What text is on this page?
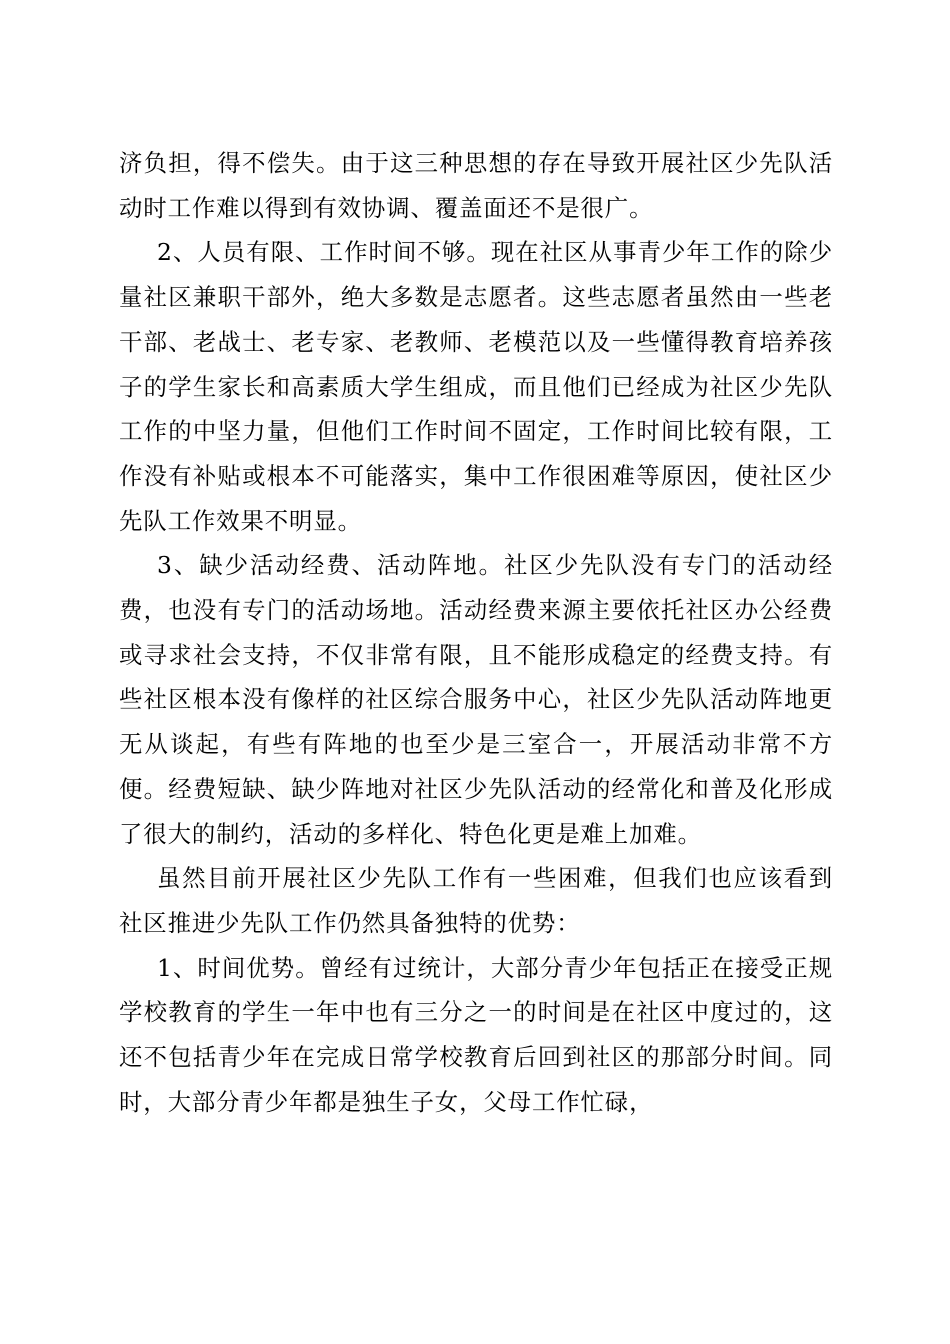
济负担，得不偿失。由于这三种思想的存在导致开展社区少先队活动时工作难以得到有效协调、覆盖面还不是很广。

2、人员有限、工作时间不够。现在社区从事青少年工作的除少量社区兼职干部外，绝大多数是志愿者。这些志愿者虽然由一些老干部、老战士、老专家、老教师、老模范以及一些懂得教育培养孩子的学生家长和高素质大学生组成，而且他们已经成为社区少先队工作的中坚力量，但他们工作时间不固定，工作时间比较有限，工作没有补贴或根本不可能落实，集中工作很困难等原因，使社区少先队工作效果不明显。

3、缺少活动经费、活动阵地。社区少先队没有专门的活动经费，也没有专门的活动场地。活动经费来源主要依托社区办公经费或寻求社会支持，不仅非常有限，且不能形成稳定的经费支持。有些社区根本没有像样的社区综合服务中心，社区少先队活动阵地更无从谈起，有些有阵地的也至少是三室合一，开展活动非常不方便。经费短缺、缺少阵地对社区少先队活动的经常化和普及化形成了很大的制约，活动的多样化、特色化更是难上加难。

虽然目前开展社区少先队工作有一些困难，但我们也应该看到社区推进少先队工作仍然具备独特的优势：

1、时间优势。曾经有过统计，大部分青少年包括正在接受正规学校教育的学生一年中也有三分之一的时间是在社区中度过的，这还不包括青少年在完成日常学校教育后回到社区的那部分时间。同时，大部分青少年都是独生子女，父母工作忙碌，
